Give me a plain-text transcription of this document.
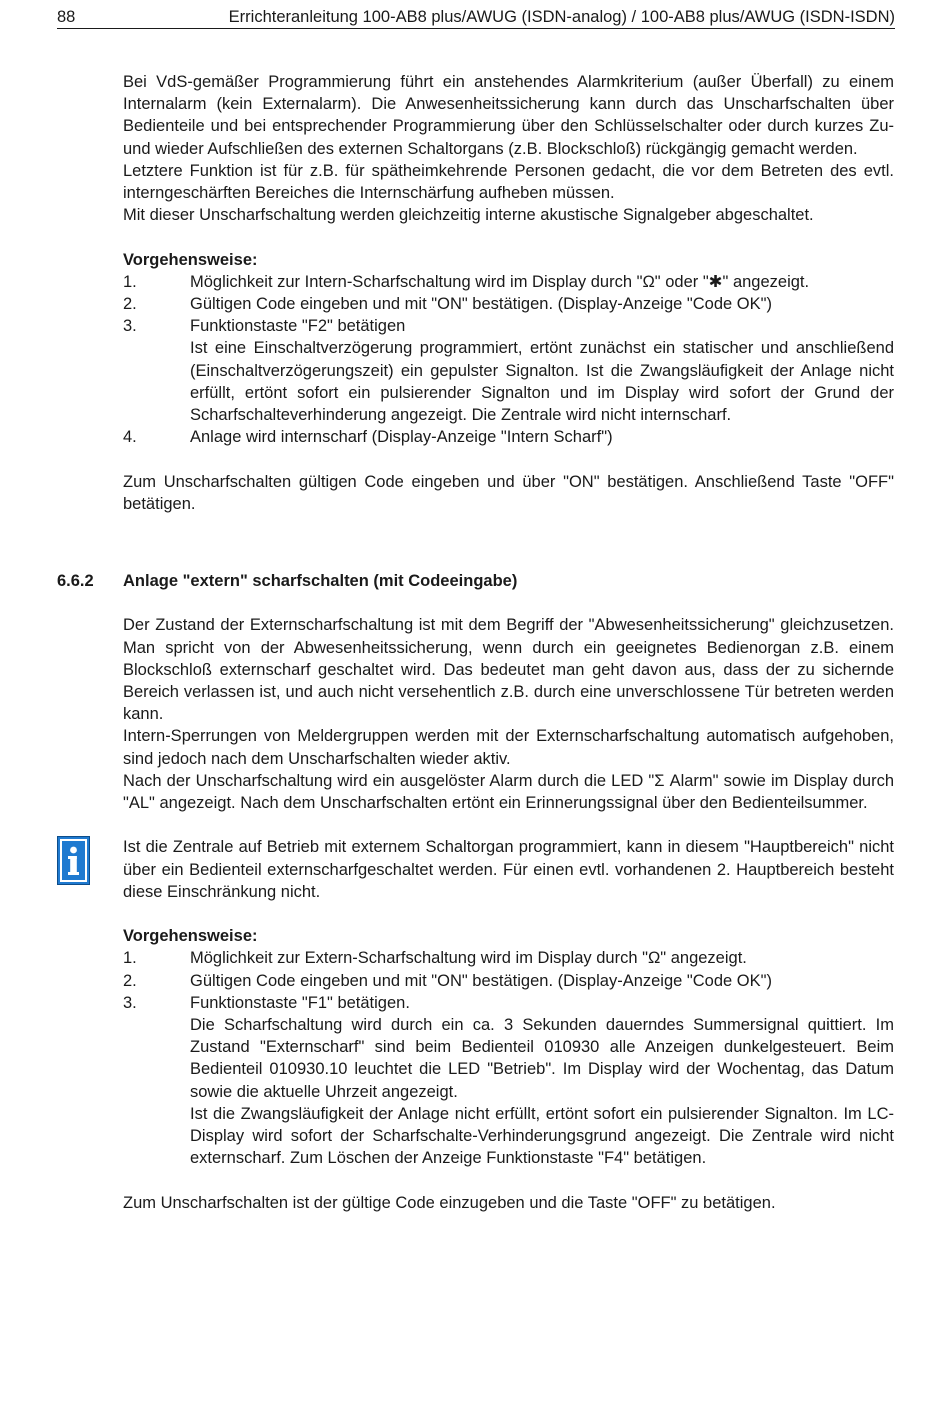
88	Errichteranleitung 100-AB8 plus/AWUG (ISDN-analog) / 100-AB8 plus/AWUG (ISDN-ISDN)

Bei VdS-gemäßer Programmierung führt ein anstehendes Alarmkriterium (außer Überfall) zu einem Internalarm (kein Externalarm). Die Anwesenheitssicherung kann durch das Unscharfschalten über Bedienteile und bei entsprechender Programmierung über den Schlüsselschalter oder durch kurzes Zu- und wieder Aufschließen des externen Schaltorgans (z.B. Blockschloß) rückgängig gemacht werden.

Letztere Funktion ist für z.B. für spätheimkehrende Personen gedacht, die vor dem Betreten des evtl. interngeschärften Bereiches die Internschärfung aufheben müssen.

Mit dieser Unscharfschaltung werden gleichzeitig interne akustische Signalgeber abgeschaltet.

Vorgehensweise:
1.	Möglichkeit zur Intern-Scharfschaltung wird im Display durch "Ω" oder "✱" angezeigt.
2.	Gültigen Code eingeben und mit "ON" bestätigen. (Display-Anzeige "Code OK")
3.	Funktionstaste "F2" betätigen
Ist eine Einschaltverzögerung programmiert, ertönt zunächst ein statischer und anschließend (Einschaltverzögerungszeit) ein gepulster Signalton. Ist die Zwangsläufigkeit der Anlage nicht erfüllt, ertönt sofort ein pulsierender Signalton und im Display wird sofort der Grund der Scharfschalteverhinderung angezeigt. Die Zentrale wird nicht internscharf.
4.	Anlage wird internscharf (Display-Anzeige "Intern Scharf")

Zum Unscharfschalten gültigen Code eingeben und über "ON" bestätigen. Anschließend Taste "OFF" betätigen.

6.6.2 Anlage "extern" scharfschalten (mit Codeeingabe)

Der Zustand der Externscharfschaltung ist mit dem Begriff der "Abwesenheitssicherung" gleichzusetzen. Man spricht von der Abwesenheitssicherung, wenn durch ein geeignetes Bedienorgan z.B. einem Blockschloß externscharf geschaltet wird. Das bedeutet man geht davon aus, dass der zu sichernde Bereich verlassen ist, und auch nicht versehentlich z.B. durch eine unverschlossene Tür betreten werden kann.

Intern-Sperrungen von Meldergruppen werden mit der Externscharfschaltung automatisch aufgehoben, sind jedoch nach dem Unscharfschalten wieder aktiv.

Nach der Unscharfschaltung wird ein ausgelöster Alarm durch die LED "Σ Alarm" sowie im Display durch "AL" angezeigt. Nach dem Unscharfschalten ertönt ein Erinnerungssignal über den Bedienteilsummer.

Ist die Zentrale auf Betrieb mit externem Schaltorgan programmiert, kann in diesem "Hauptbereich" nicht über ein Bedienteil externscharfgeschaltet werden. Für einen evtl. vorhandenen 2. Hauptbereich besteht diese Einschränkung nicht.

Vorgehensweise:
1.	Möglichkeit zur Extern-Scharfschaltung wird im Display durch "Ω" angezeigt.
2.	Gültigen Code eingeben und mit "ON" bestätigen. (Display-Anzeige "Code OK")
3.	Funktionstaste "F1" betätigen.
Die Scharfschaltung wird durch ein ca. 3 Sekunden dauerndes Summersignal quittiert. Im Zustand "Externscharf" sind beim Bedienteil 010930 alle Anzeigen dunkelgesteuert. Beim Bedienteil 010930.10 leuchtet die LED "Betrieb". Im Display wird der Wochentag, das Datum sowie die aktuelle Uhrzeit angezeigt.
Ist die Zwangsläufigkeit der Anlage nicht erfüllt, ertönt sofort ein pulsierender Signalton. Im LC-Display wird sofort der Scharfschalte-Verhinderungsgrund angezeigt. Die Zentrale wird nicht externscharf. Zum Löschen der Anzeige Funktionstaste "F4" betätigen.

Zum Unscharfschalten ist der gültige Code einzugeben und die Taste "OFF" zu betätigen.
